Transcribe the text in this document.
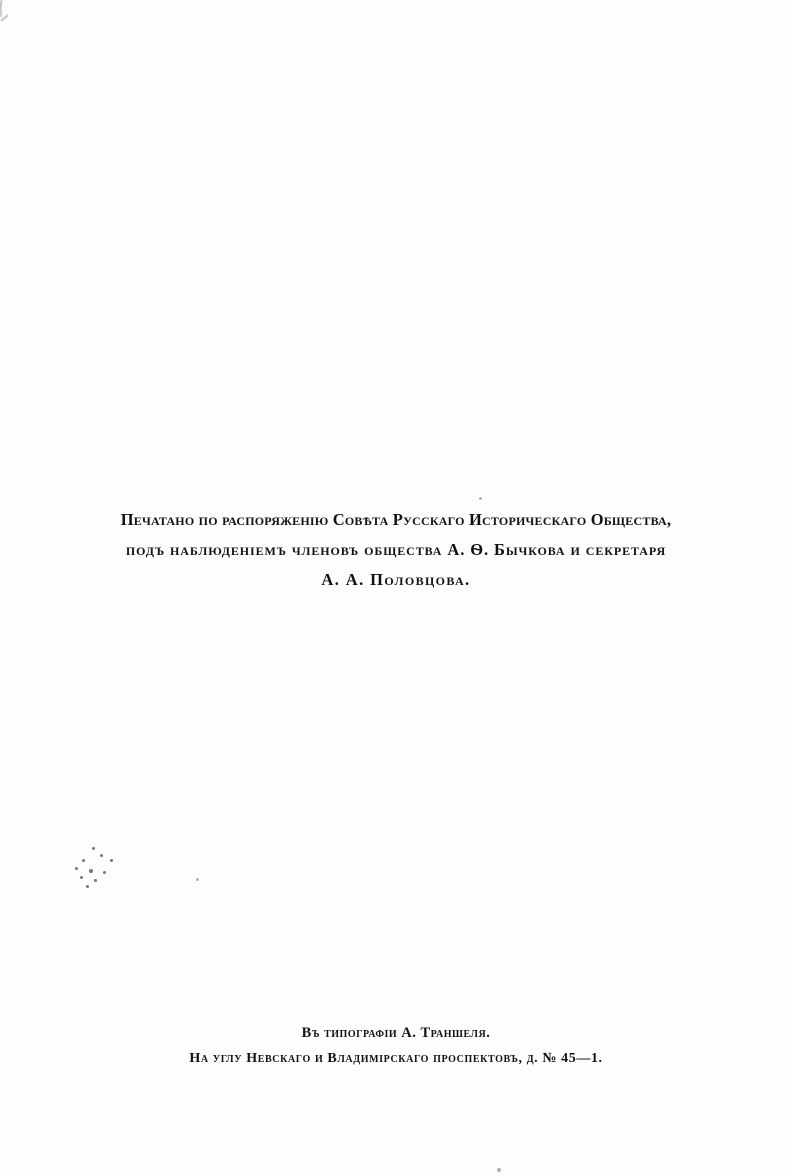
Печатано по распоряженію Совѣта Русскаго Историческаго Общества,
подъ наблюденіемъ членовъ общества А. Ѳ. Бычкова и секретаря
А. А. Половцова.
Въ типографіи А. Траншеля.
На углу Невскаго и Владимірскаго проспектовъ, д. № 45—1.
